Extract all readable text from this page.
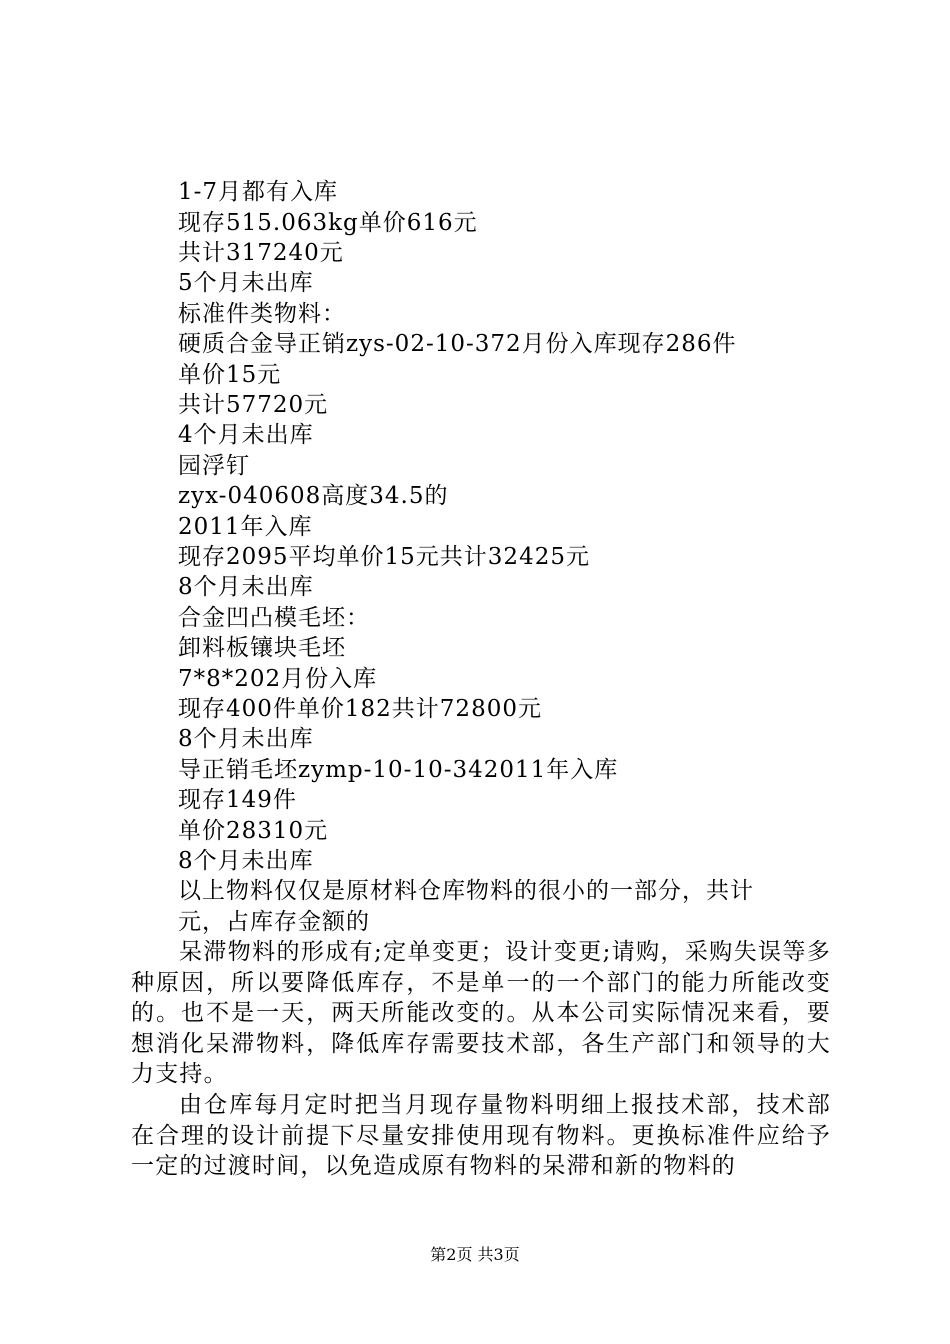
1-7月都有入库
现存515.063kg单价616元
共计317240元
5个月未出库
标准件类物料：
硬质合金导正销zys-02-10-372月份入库现存286件
单价15元
共计57720元
4个月未出库
园浮钉
zyx-040608高度34.5的
2011年入库
现存2095平均单价15元共计32425元
8个月未出库
合金凹凸模毛坯：
卸料板镶块毛坯
7*8*202月份入库
现存400件单价182共计72800元
8个月未出库
导正销毛坯zymp-10-10-342011年入库
现存149件
单价28310元
8个月未出库
以上物料仅仅是原材料仓库物料的很小的一部分，共计
元，占库存金额的
呆滞物料的形成有;定单变更；设计变更;请购，采购失误等多种原因，所以要降低库存，不是单一的一个部门的能力所能改变的。也不是一天，两天所能改变的。从本公司实际情况来看，要想消化呆滞物料，降低库存需要技术部，各生产部门和领导的大力支持。
由仓库每月定时把当月现存量物料明细上报技术部，技术部在合理的设计前提下尽量安排使用现有物料。更换标准件应给予一定的过渡时间，以免造成原有物料的呆滞和新的物料的
第2页 共3页
